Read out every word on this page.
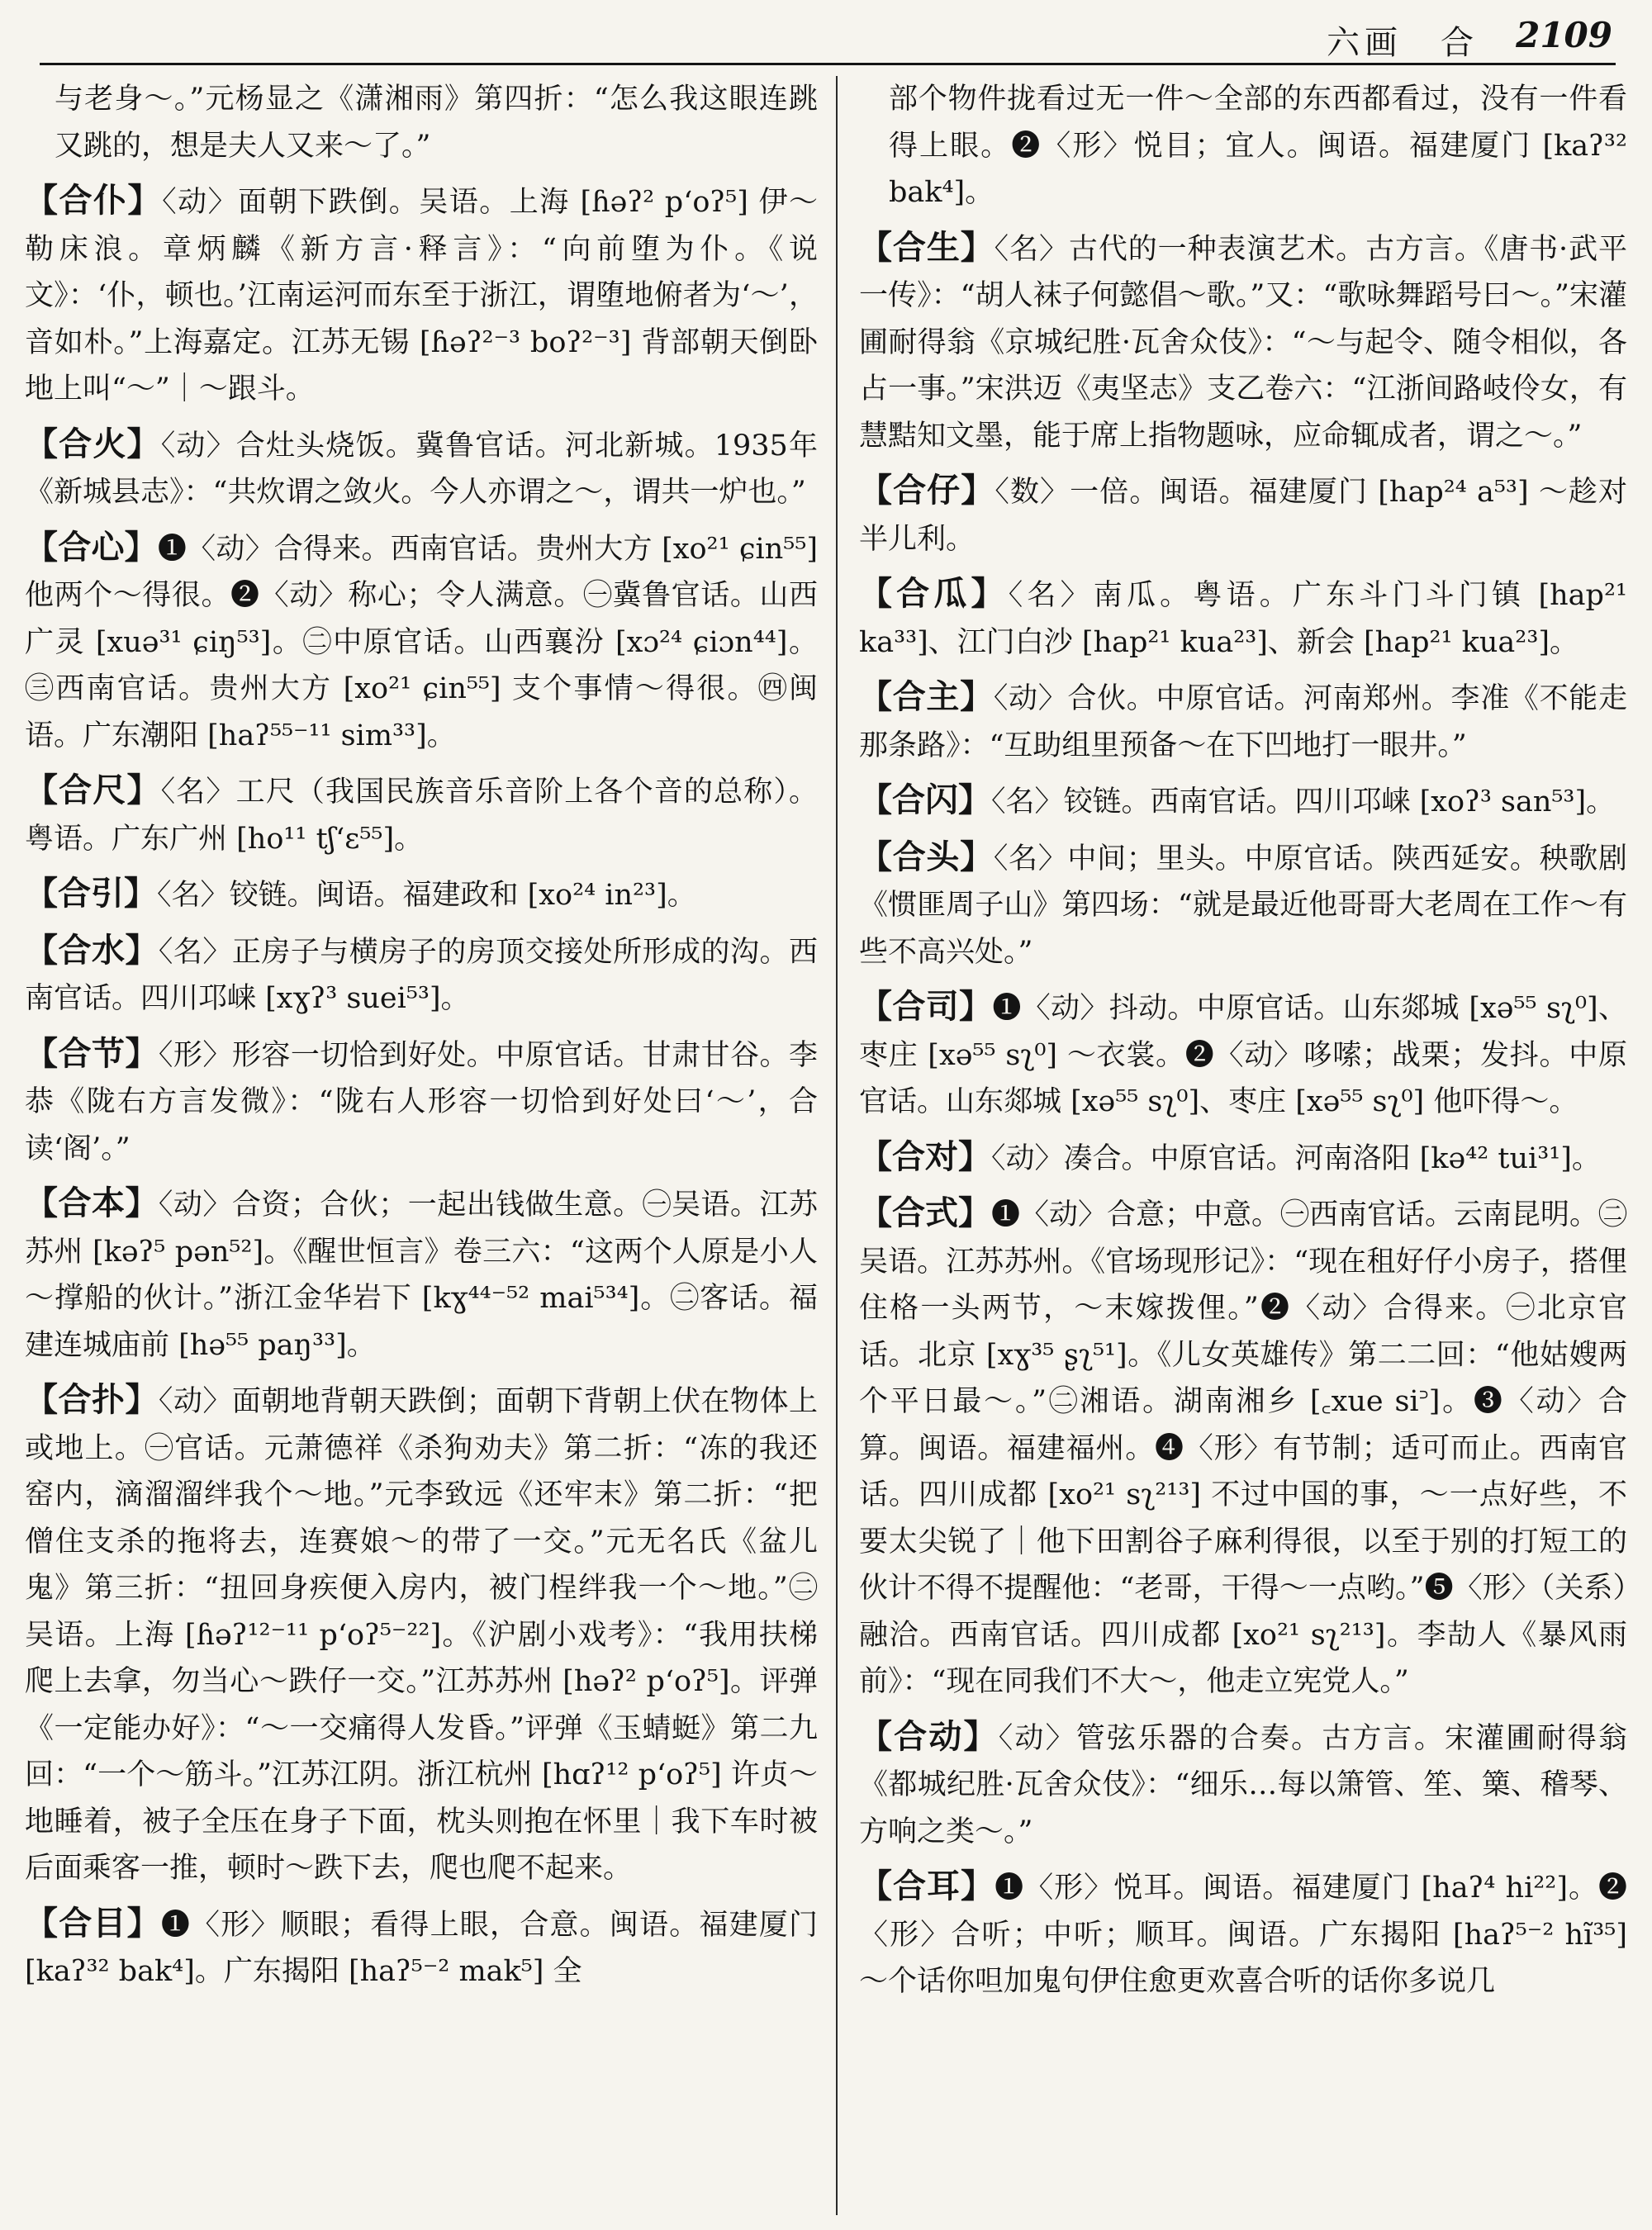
六画　合 2109

与老身～。”元杨显之《潇湘雨》第四折：“怎么我这眼连跳又跳的，想是夫人又来～了。”

【合仆】〈动〉面朝下跌倒。吴语。上海 [ɦəʔ² p‘oʔ⁵] 伊～勒床浪。章炳麟《新方言·释言》：“向前堕为仆。《说文》：‘仆，顿也。’江南运河而东至于浙江，谓堕地俯者为‘～’，音如朴。”上海嘉定。江苏无锡 [ɦəʔ²⁻³ boʔ²⁻³] 背部朝天倒卧地上叫“～”｜～跟斗。

【合火】〈动〉合灶头烧饭。冀鲁官话。河北新城。1935年《新城县志》：“共炊谓之敛火。今人亦谓之～，谓共一炉也。”

【合心】❶〈动〉合得来。西南官话。贵州大方 [xo²¹ ɕin⁵⁵] 他两个～得很。❷〈动〉称心；令人满意。㊀冀鲁官话。山西广灵 [xuə³¹ ɕiŋ⁵³]。㊁中原官话。山西襄汾 [xɔ²⁴ ɕiɔn⁴⁴]。㊂西南官话。贵州大方 [xo²¹ ɕin⁵⁵] 支个事情～得很。㊃闽语。广东潮阳 [haʔ⁵⁵⁻¹¹ sim³³]。

【合尺】〈名〉工尺（我国民族音乐音阶上各个音的总称）。粤语。广东广州 [ho¹¹ tʃ‘ɛ⁵⁵]。

【合引】〈名〉铰链。闽语。福建政和 [xo²⁴ in²³]。

【合水】〈名〉正房子与横房子的房顶交接处所形成的沟。西南官话。四川邛崃 [xɣʔ³ suei⁵³]。

【合节】〈形〉形容一切恰到好处。中原官话。甘肃甘谷。李恭《陇右方言发微》：“陇右人形容一切恰到好处曰‘～’，合读‘阁’。”

【合本】〈动〉合资；合伙；一起出钱做生意。㊀吴语。江苏苏州 [kəʔ⁵ pən⁵²]。《醒世恒言》卷三六：“这两个人原是小人～撑船的伙计。”浙江金华岩下 [kɣ⁴⁴⁻⁵² mai⁵³⁴]。㊁客话。福建连城庙前 [hə⁵⁵ paŋ³³]。

【合扑】〈动〉面朝地背朝天跌倒；面朝下背朝上伏在物体上或地上。㊀官话。元萧德祥《杀狗劝夫》第二折：“冻的我还窑内，滴溜溜绊我个～地。”元李致远《还牢末》第二折：“把僧住支杀的拖将去，连赛娘～的带了一交。”元无名氏《盆儿鬼》第三折：“扭回身疾便入房内，被门桯绊我一个～地。”㊁吴语。上海 [ɦəʔ¹²⁻¹¹ p‘oʔ⁵⁻²²]。《沪剧小戏考》：“我用扶梯爬上去拿，勿当心～跌仔一交。”江苏苏州 [həʔ² p‘oʔ⁵]。评弹《一定能办好》：“～一交痛得人发昏。”评弹《玉蜻蜓》第二九回：“一个～筋斗。”江苏江阴。浙江杭州 [hɑʔ¹² p‘oʔ⁵] 许贞～地睡着，被子全压在身子下面，枕头则抱在怀里｜我下车时被后面乘客一推，顿时～跌下去，爬也爬不起来。

【合目】❶〈形〉顺眼；看得上眼，合意。闽语。福建厦门 [kaʔ³² bak⁴]。广东揭阳 [haʔ⁵⁻² mak⁵] 全

部个物件拢看过无一件～全部的东西都看过，没有一件看得上眼。❷〈形〉悦目；宜人。闽语。福建厦门 [kaʔ³² bak⁴]。

【合生】〈名〉古代的一种表演艺术。古方言。《唐书·武平一传》：“胡人袜子何懿倡～歌。”又：“歌咏舞蹈号曰～。”宋灌圃耐得翁《京城纪胜·瓦舍众伎》：“～与起令、随令相似，各占一事。”宋洪迈《夷坚志》支乙卷六：“江浙间路岐伶女，有慧黠知文墨，能于席上指物题咏，应命辄成者，谓之～。”

【合仔】〈数〉一倍。闽语。福建厦门 [hap²⁴ a⁵³] ～趁对半儿利。

【合瓜】〈名〉南瓜。粤语。广东斗门斗门镇 [hap²¹ ka³³]、江门白沙 [hap²¹ kua²³]、新会 [hap²¹ kua²³]。

【合主】〈动〉合伙。中原官话。河南郑州。李准《不能走那条路》：“互助组里预备～在下凹地打一眼井。”

【合闪】〈名〉铰链。西南官话。四川邛崃 [xoʔ³ san⁵³]。

【合头】〈名〉中间；里头。中原官话。陕西延安。秧歌剧《惯匪周子山》第四场：“就是最近他哥哥大老周在工作～有些不高兴处。”

【合司】❶〈动〉抖动。中原官话。山东郯城 [xə⁵⁵ sʅ⁰]、枣庄 [xə⁵⁵ sʅ⁰] ～衣裳。❷〈动〉哆嗦；战栗；发抖。中原官话。山东郯城 [xə⁵⁵ sʅ⁰]、枣庄 [xə⁵⁵ sʅ⁰] 他吓得～。

【合对】〈动〉凑合。中原官话。河南洛阳 [kə⁴² tui³¹]。

【合式】❶〈动〉合意；中意。㊀西南官话。云南昆明。㊁吴语。江苏苏州。《官场现形记》：“现在租好仔小房子，搭俚住格一头两节，～末嫁拨俚。”❷〈动〉合得来。㊀北京官话。北京 [xɣ³⁵ ʂʅ⁵¹]。《儿女英雄传》第二二回：“他姑嫂两个平日最～。”㊁湘语。湖南湘乡 [꜀xue si꜄]。❸〈动〉合算。闽语。福建福州。❹〈形〉有节制；适可而止。西南官话。四川成都 [xo²¹ sʅ²¹³] 不过中国的事，～一点好些，不要太尖锐了｜他下田割谷子麻利得很，以至于别的打短工的伙计不得不提醒他：“老哥，干得～一点哟。”❺〈形〉（关系）融洽。西南官话。四川成都 [xo²¹ sʅ²¹³]。李劼人《暴风雨前》：“现在同我们不大～，他走立宪党人。”

【合动】〈动〉管弦乐器的合奏。古方言。宋灌圃耐得翁《都城纪胜·瓦舍众伎》：“细乐…每以箫管、笙、篥、稽琴、方响之类～。”

【合耳】❶〈形〉悦耳。闽语。福建厦门 [haʔ⁴ hi²²]。❷〈形〉合听；中听；顺耳。闽语。广东揭阳 [haʔ⁵⁻² hĩ³⁵] ～个话你呾加鬼句伊住愈更欢喜合听的话你多说几
